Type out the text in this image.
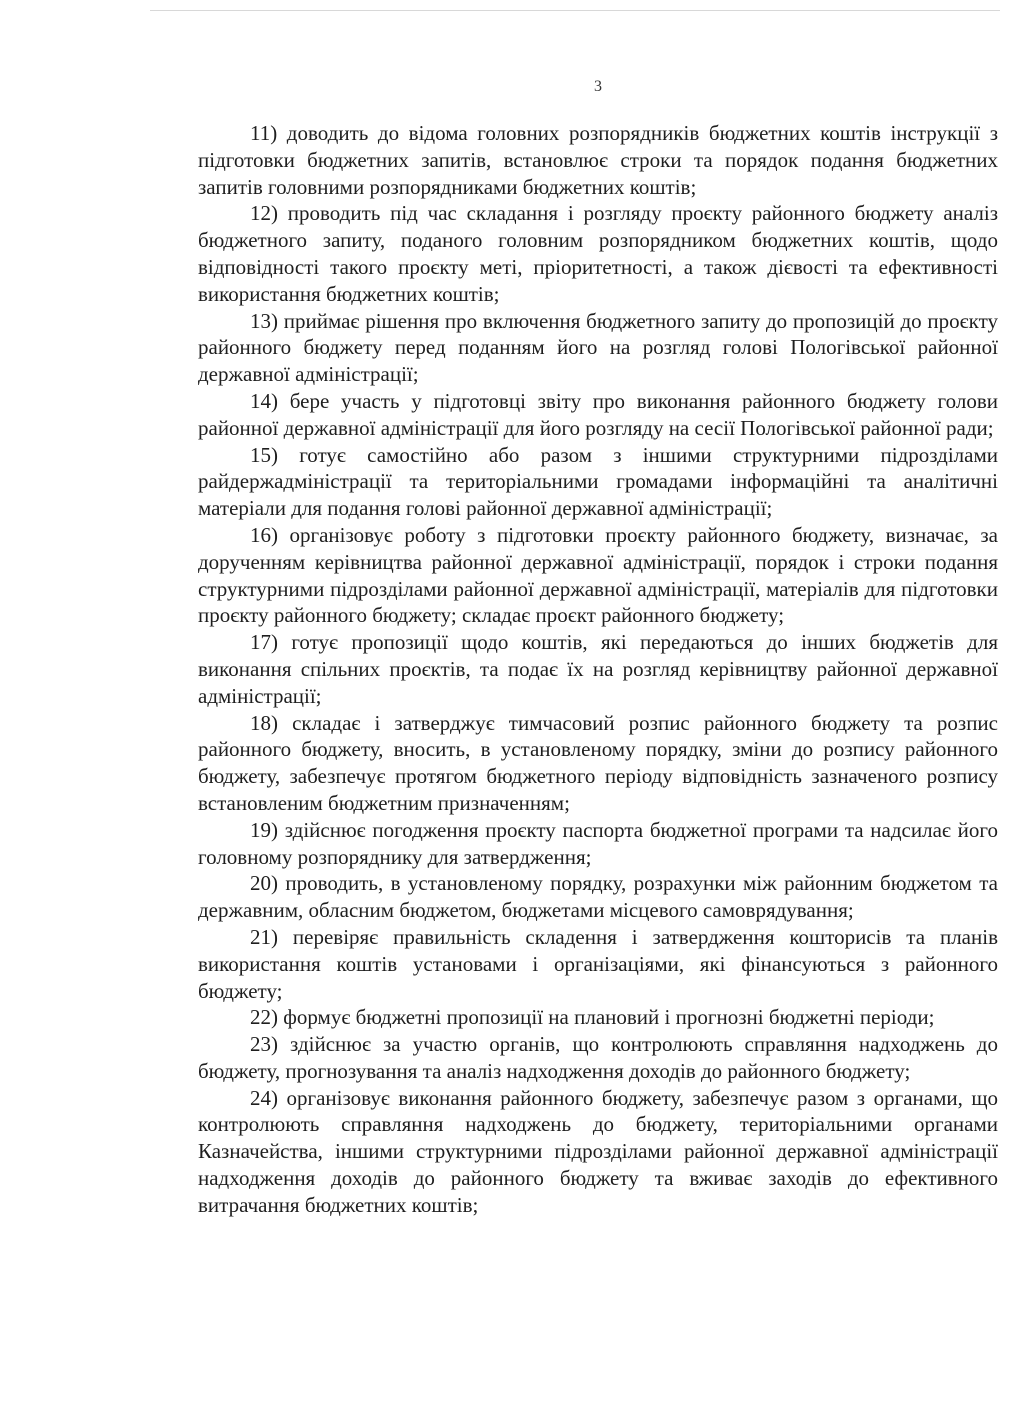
3

11) доводить до відома головних розпорядників бюджетних коштів інструкції з підготовки бюджетних запитів, встановлює строки та порядок подання бюджетних запитів головними розпорядниками бюджетних коштів;

12) проводить під час складання і розгляду проєкту районного бюджету аналіз бюджетного запиту, поданого головним розпорядником бюджетних коштів, щодо відповідності такого проєкту меті, пріоритетності, а також дієвості та ефективності використання бюджетних коштів;

13) приймає рішення про включення бюджетного запиту до пропозицій до проєкту районного бюджету перед поданням його на розгляд голові Пологівської районної державної адміністрації;

14) бере участь у підготовці звіту про виконання районного бюджету голови районної державної адміністрації для його розгляду на сесії Пологівської районної ради;

15) готує самостійно або разом з іншими структурними підрозділами райдержадміністрації та територіальними громадами інформаційні та аналітичні матеріали для подання голові районної державної адміністрації;

16) організовує роботу з підготовки проєкту районного бюджету, визначає, за дорученням керівництва районної державної адміністрації, порядок і строки подання структурними підрозділами районної державної адміністрації, матеріалів для підготовки проєкту районного бюджету; складає проєкт районного бюджету;

17) готує пропозиції щодо коштів, які передаються до інших бюджетів для виконання спільних проєктів, та подає їх на розгляд керівництву районної державної адміністрації;

18) складає і затверджує тимчасовий розпис районного бюджету та розпис районного бюджету, вносить, в установленому порядку, зміни до розпису районного бюджету, забезпечує протягом бюджетного періоду відповідність зазначеного розпису встановленим бюджетним призначенням;

19) здійснює погодження проєкту паспорта бюджетної програми та надсилає його головному розпоряднику для затвердження;

20) проводить, в установленому порядку, розрахунки між районним бюджетом та державним, обласним бюджетом, бюджетами місцевого самоврядування;

21) перевіряє правильність складення і затвердження кошторисів та планів використання коштів установами і організаціями, які фінансуються з районного бюджету;

22) формує бюджетні пропозиції на плановий і прогнозні бюджетні періоди;

23) здійснює за участю органів, що контролюють справляння надходжень до бюджету, прогнозування та аналіз надходження доходів до районного бюджету;

24) організовує виконання районного бюджету, забезпечує разом з органами, що контролюють справляння надходжень до бюджету, територіальними органами Казначейства, іншими структурними підрозділами районної державної адміністрації надходження доходів до районного бюджету та вживає заходів до ефективного витрачання бюджетних коштів;
